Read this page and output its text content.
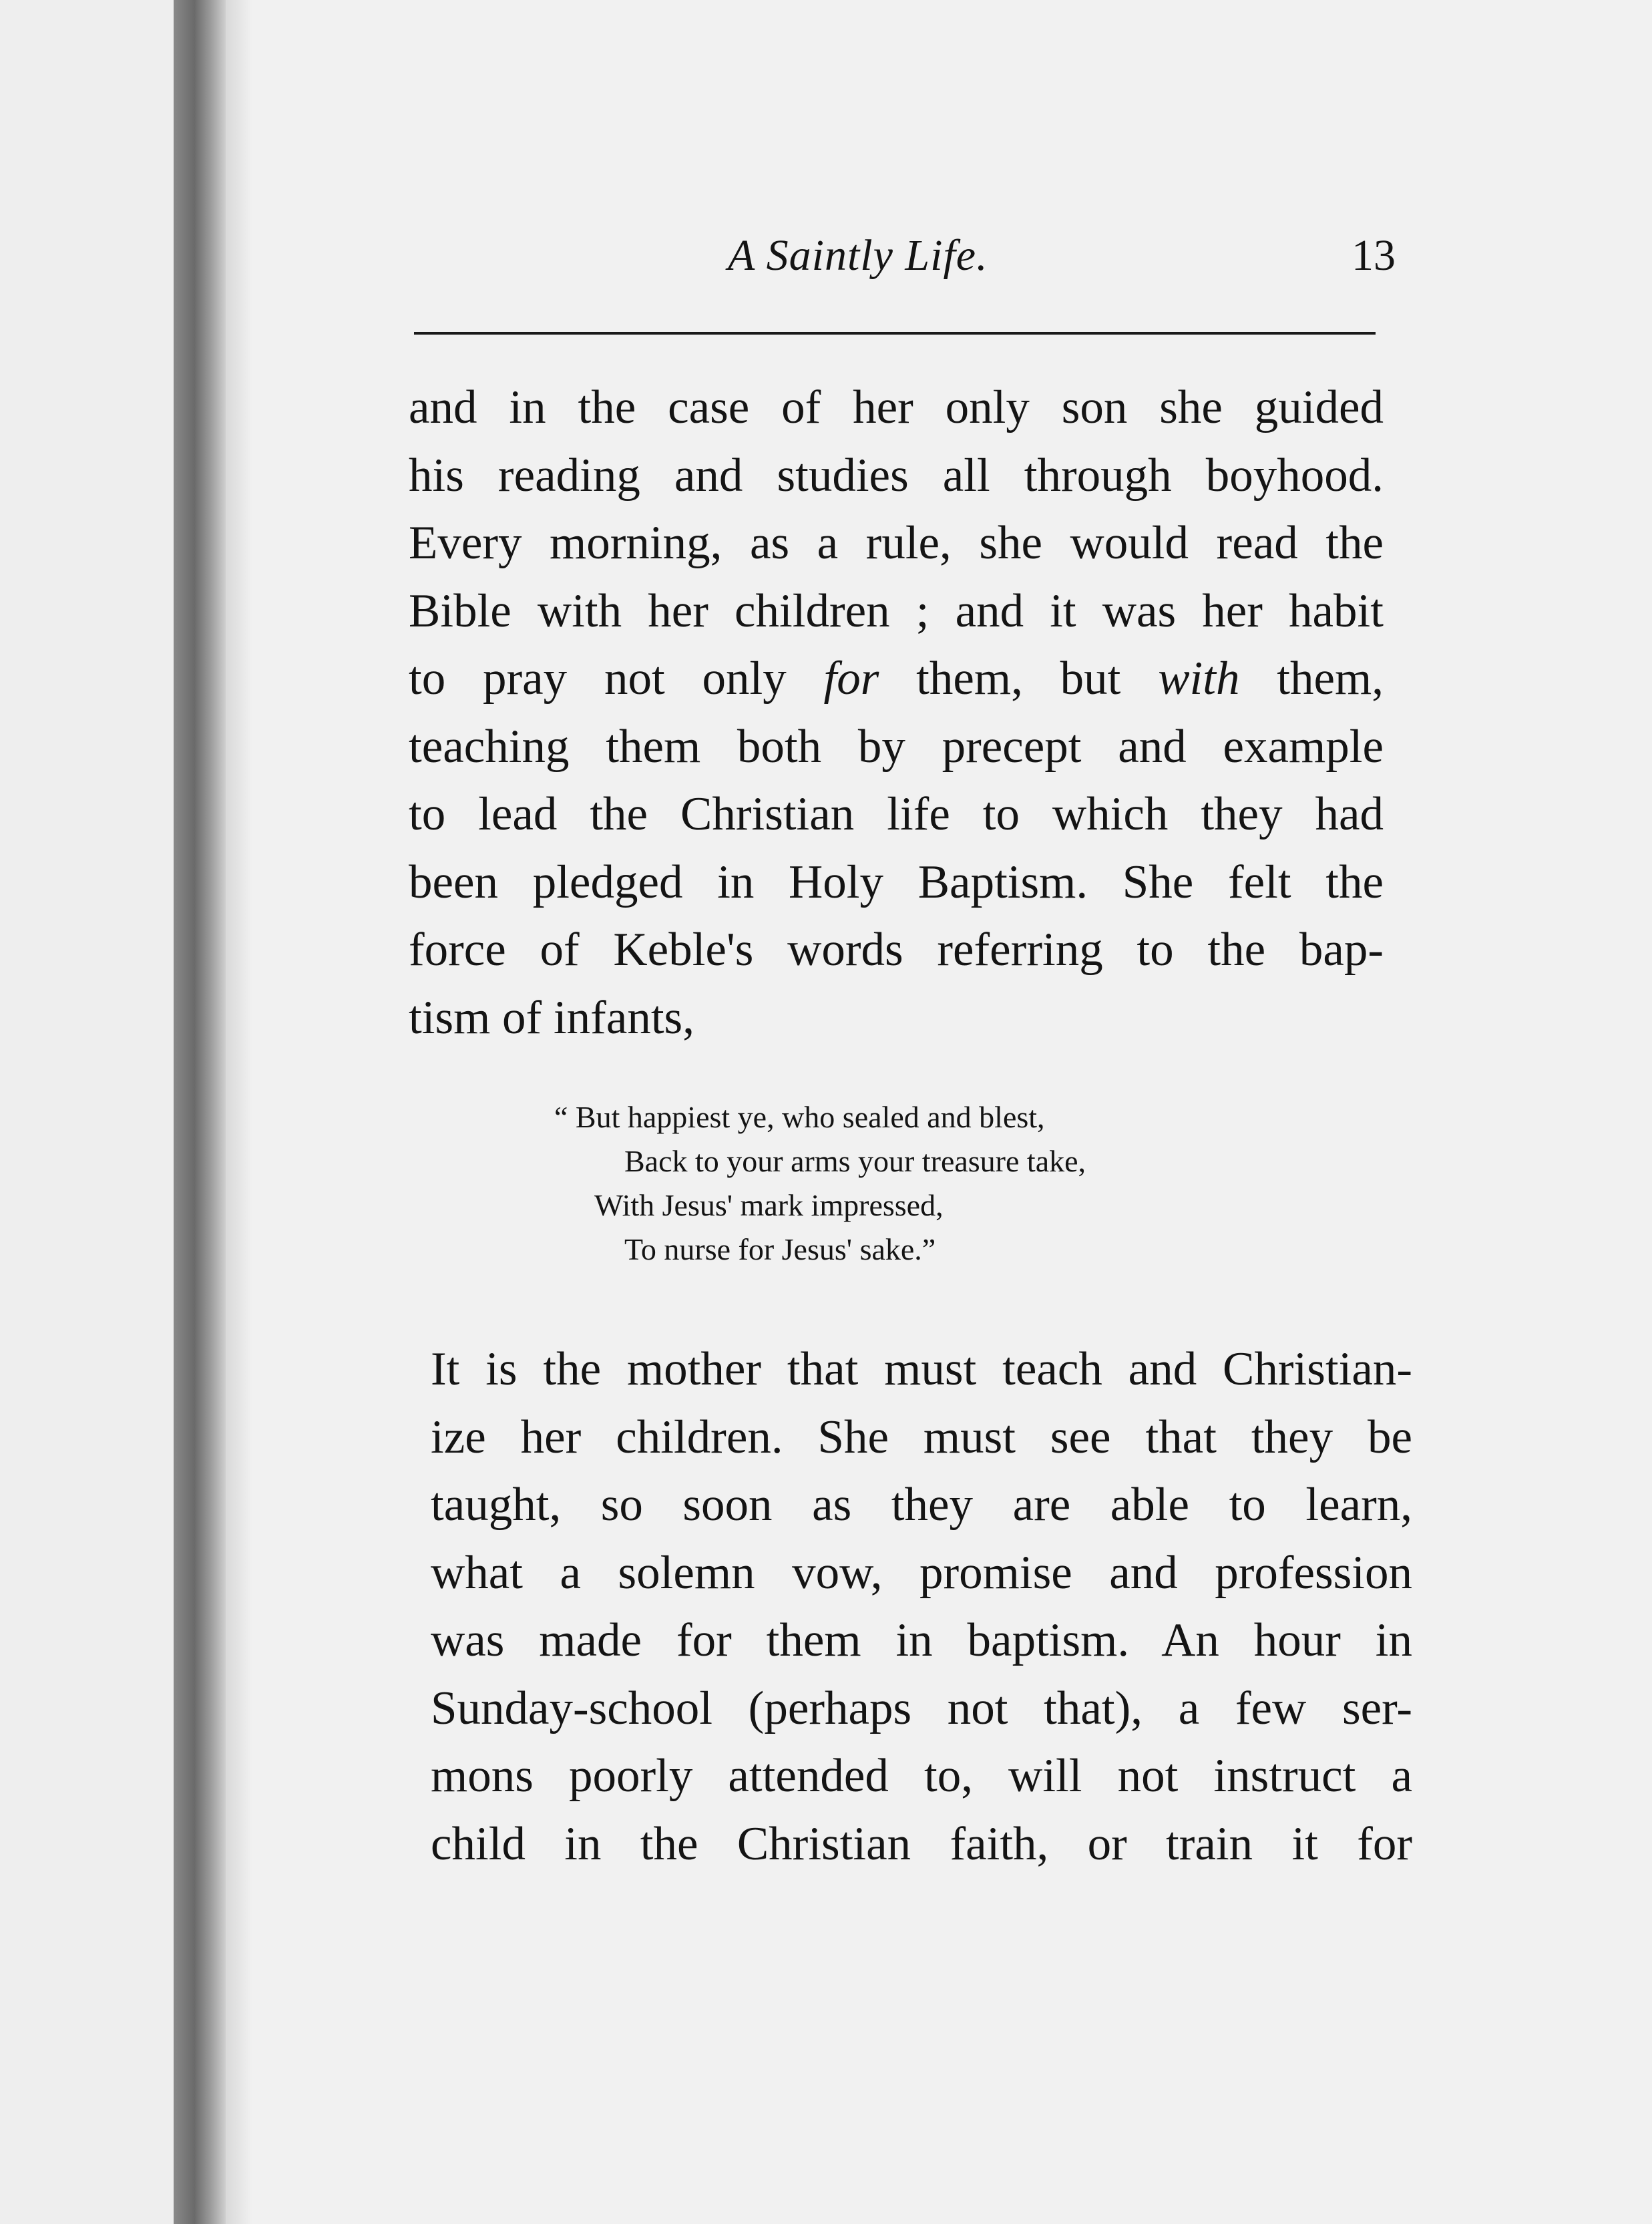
A Saintly Life.	13
and in the case of her only son she guided
his reading and studies all through boyhood.
Every morning, as a rule, she would read the
Bible with her children ; and it was her habit
to pray not only for them, but with them,
teaching them both by precept and example
to lead the Christian life to which they had
been pledged in Holy Baptism. She felt the
force of Keble's words referring to the bap-
tism of infants,
“ But happiest ye, who sealed and blest,
Back to your arms your treasure take,
With Jesus' mark impressed,
To nurse for Jesus' sake.”
It is the mother that must teach and Christian-
ize her children. She must see that they be
taught, so soon as they are able to learn,
what a solemn vow, promise and profession
was made for them in baptism. An hour in
Sunday-school (perhaps not that), a few ser-
mons poorly attended to, will not instruct a
child in the Christian faith, or train it for
